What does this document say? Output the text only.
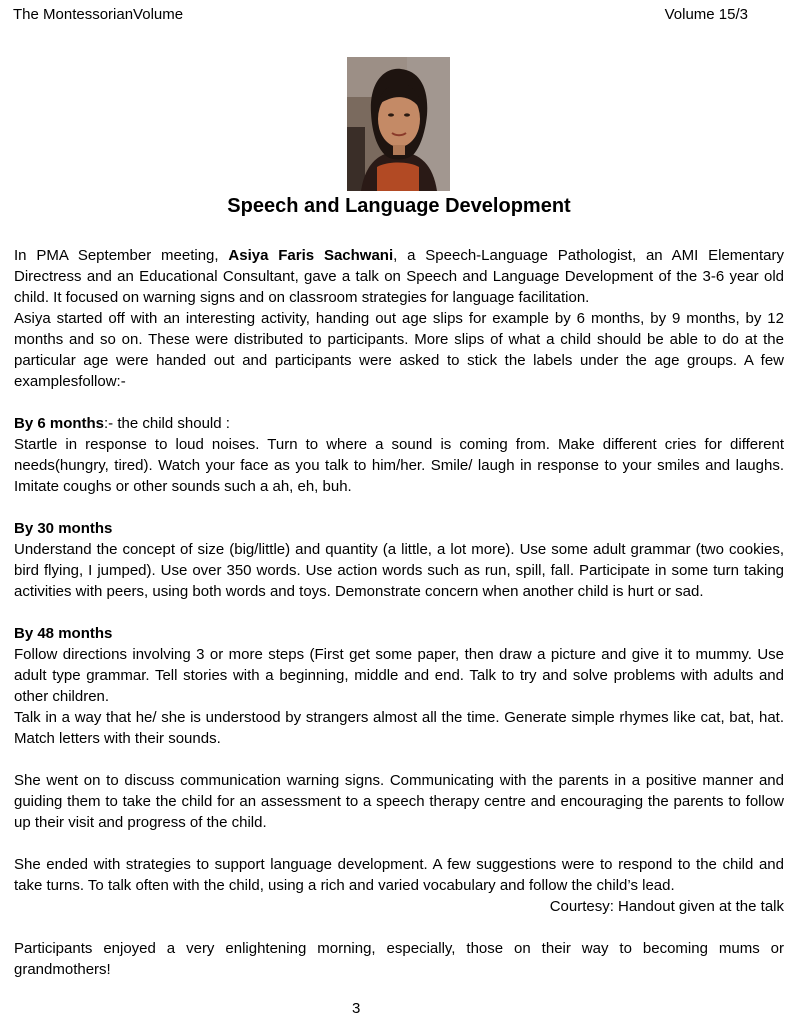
The MontessorianVolume	Volume 15/3
Speech and Language Development

In PMA September meeting, Asiya Faris Sachwani, a Speech-Language Pathologist, an AMI Elementary Directress and an Educational Consultant, gave a talk on Speech and Language Development of the 3-6 year old child. It focused on warning signs and on classroom strategies for language facilitation.

Asiya started off with an interesting activity, handing out age slips for example by 6 months, by 9 months, by 12 months and so on. These were distributed to participants. More slips of what a child should be able to do at the particular age were handed out and participants were asked to stick the labels under the age groups. A few examplesfollow:-

By 6 months:- the child should :

Startle in response to loud noises. Turn to where a sound is coming from. Make different cries for different needs(hungry, tired). Watch your face as you talk to him/her. Smile/ laugh in response to your smiles and laughs. Imitate coughs or other sounds such a ah, eh, buh.

By 30 months

Understand the concept of size (big/little) and quantity (a little, a lot more). Use some adult grammar (two cookies, bird flying, I jumped). Use over 350 words. Use action words such as run, spill, fall. Participate in some turn taking activities with peers, using both words and toys. Demonstrate concern when another child is hurt or sad.

By 48 months

Follow directions involving 3 or more steps (First get some paper, then draw a picture and give it to mummy. Use adult type grammar. Tell stories with a beginning, middle and end. Talk to try and solve problems with adults and other children.

Talk in a way that he/ she is understood by strangers almost all the time. Generate simple rhymes like cat, bat, hat. Match letters with their sounds.

She went on to discuss communication warning signs. Communicating with the parents in a positive manner and guiding them to take the child for an assessment to a speech therapy centre and encouraging the parents to follow up their visit and progress of the child.

She ended with strategies to support language development. A few suggestions were to respond to the child and take turns. To talk often with the child, using a rich and varied vocabulary and follow the child’s lead.

Courtesy: Handout given at the talk

Participants enjoyed a very enlightening morning, especially, those on their way to becoming mums or grandmothers!

3
